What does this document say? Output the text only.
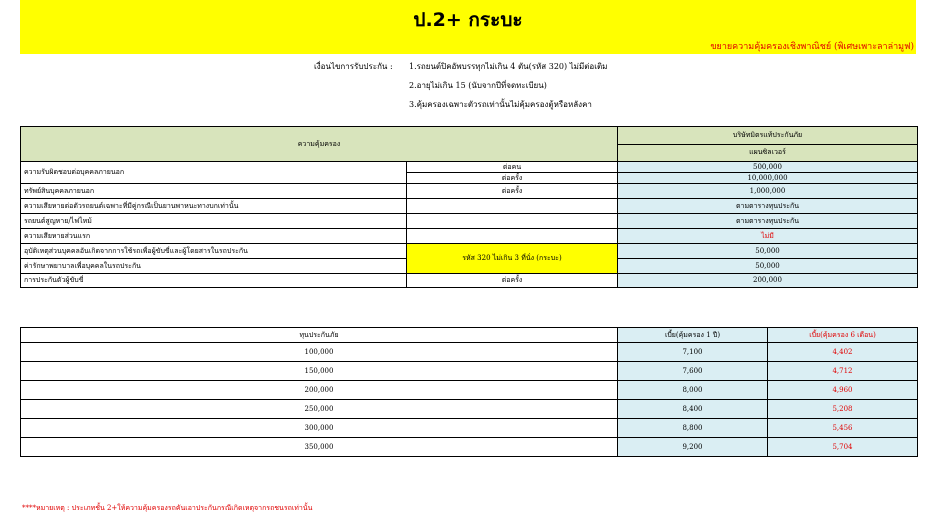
ป.2+ กระบะ
ขยายความคุ้มครองเชิงพาณิชย์ (พิเศษเพาะลาล่ามูฟ)
เงื่อนไขการรับประกัน : 1.รถยนต์ปิคอัพบรรทุกไม่เกิน 4 ตัน(รหัส 320) ไม่มีต่อเติม
2.อายุไม่เกิน 15 (นับจากปีที่จดทะเบียน)
3.คุ้มครองเฉพาะตัวรถเท่านั้นไม่คุ้มครองตู้หรือหลังคา
ความคุ้มครอง		บริษัทมิตรแท้ประกันภัย
		แผนซิลเวอร์
ความรับผิดชอบต่อบุคคลภายนอก	ต่อคน	500,000
	ต่อครั้ง	10,000,000
ทรัพย์สินบุคคลภายนอก	ต่อครั้ง	1,000,000
ความเสียหายต่อตัวรถยนต์เฉพาะที่มีคู่กรณีเป็นยานพาหนะทางบกเท่านั้น		ตามตารางทุนประกัน
รถยนต์สูญหาย/ไฟไหม้		ตามตารางทุนประกัน
ความเสียหายส่วนแรก		ไม่มี
อุบัติเหตุส่วนบุคคลอันเกิดจากการใช้รถเพื่อผู้ขับขี่และผู้โดยสารในรถประกัน	รหัส 320 ไม่เกิน 3 ที่นั่ง (กระบะ)	50,000
ค่ารักษาพยาบาลเพื่อบุคคลในรถประกัน		50,000
การประกันตัวผู้ขับขี่	ต่อครั้ง	200,000
ทุนประกันภัย	เบี้ย(คุ้มครอง 1 ปี)	เบี้ย(คุ้มครอง 6 เดือน)
100,000	7,100	4,402
150,000	7,600	4,712
200,000	8,000	4,960
250,000	8,400	5,208
300,000	8,800	5,456
350,000	9,200	5,704
****หมายเหตุ : ประเภทชั้น 2+ให้ความคุ้มครองรถคันเอาประกันกรณีเกิดเหตุจากรถชนรถเท่านั้น
